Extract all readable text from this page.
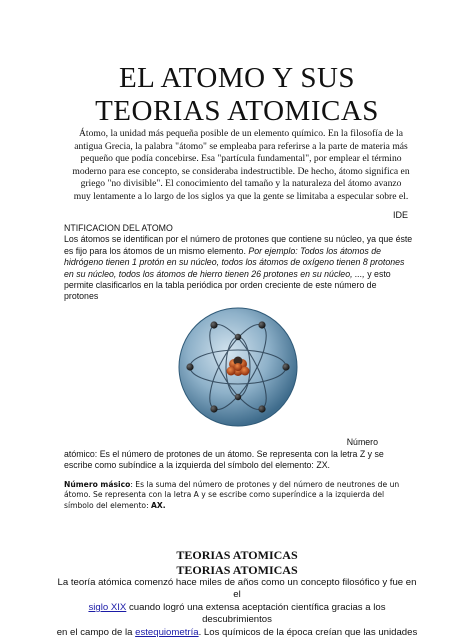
EL ATOMO Y SUS
TEORIAS ATOMICAS
Átomo, la unidad más pequeña posible de un elemento químico. En la filosofía de la
antigua Grecia, la palabra "átomo" se empleaba para referirse a la parte de materia más
pequeño que podía concebirse. Esa "partícula fundamental", por emplear el término
moderno para ese concepto, se consideraba indestructible. De hecho, átomo significa en
griego "no divisible". El conocimiento del tamaño y la naturaleza del átomo avanzo
muy lentamente a lo largo de los siglos ya que la gente se limitaba a especular sobre el.
IDE

NTIFICACION DEL ATOMO

Los átomos se identifican por el número de protones que contiene su núcleo, ya que éste

es fijo para los átomos de un mismo elemento. Por ejemplo: Todos los átomos de

hidrógeno tienen 1 protón en su núcleo, todos los átomos de oxígeno tienen 8 protones

en su núcleo, todos los átomos de hierro tienen 26 protones en su núcleo, ..., y esto

permite clasificarlos en la tabla periódica por orden creciente de este número de

protones

Número
atómico: Es el número de protones de un átomo. Se representa con la letra Z y se
escribe como subíndice a la izquierda del símbolo del elemento: ZX.
Número másico: Es la suma del número de protones y del número de neutrones de un
átomo. Se representa con la letra A y se escribe como superíndice a la izquierda del
símbolo del elemento: AX.
TEORIAS ATOMICAS
TEORIAS ATOMICAS
La teoría atómica comenzó hace miles de años como un concepto filosófico y fue en el
siglo XIX cuando logró una extensa aceptación científica gracias a los descubrimientos
en el campo de la estequiometría. Los químicos de la época creían que las unidades
